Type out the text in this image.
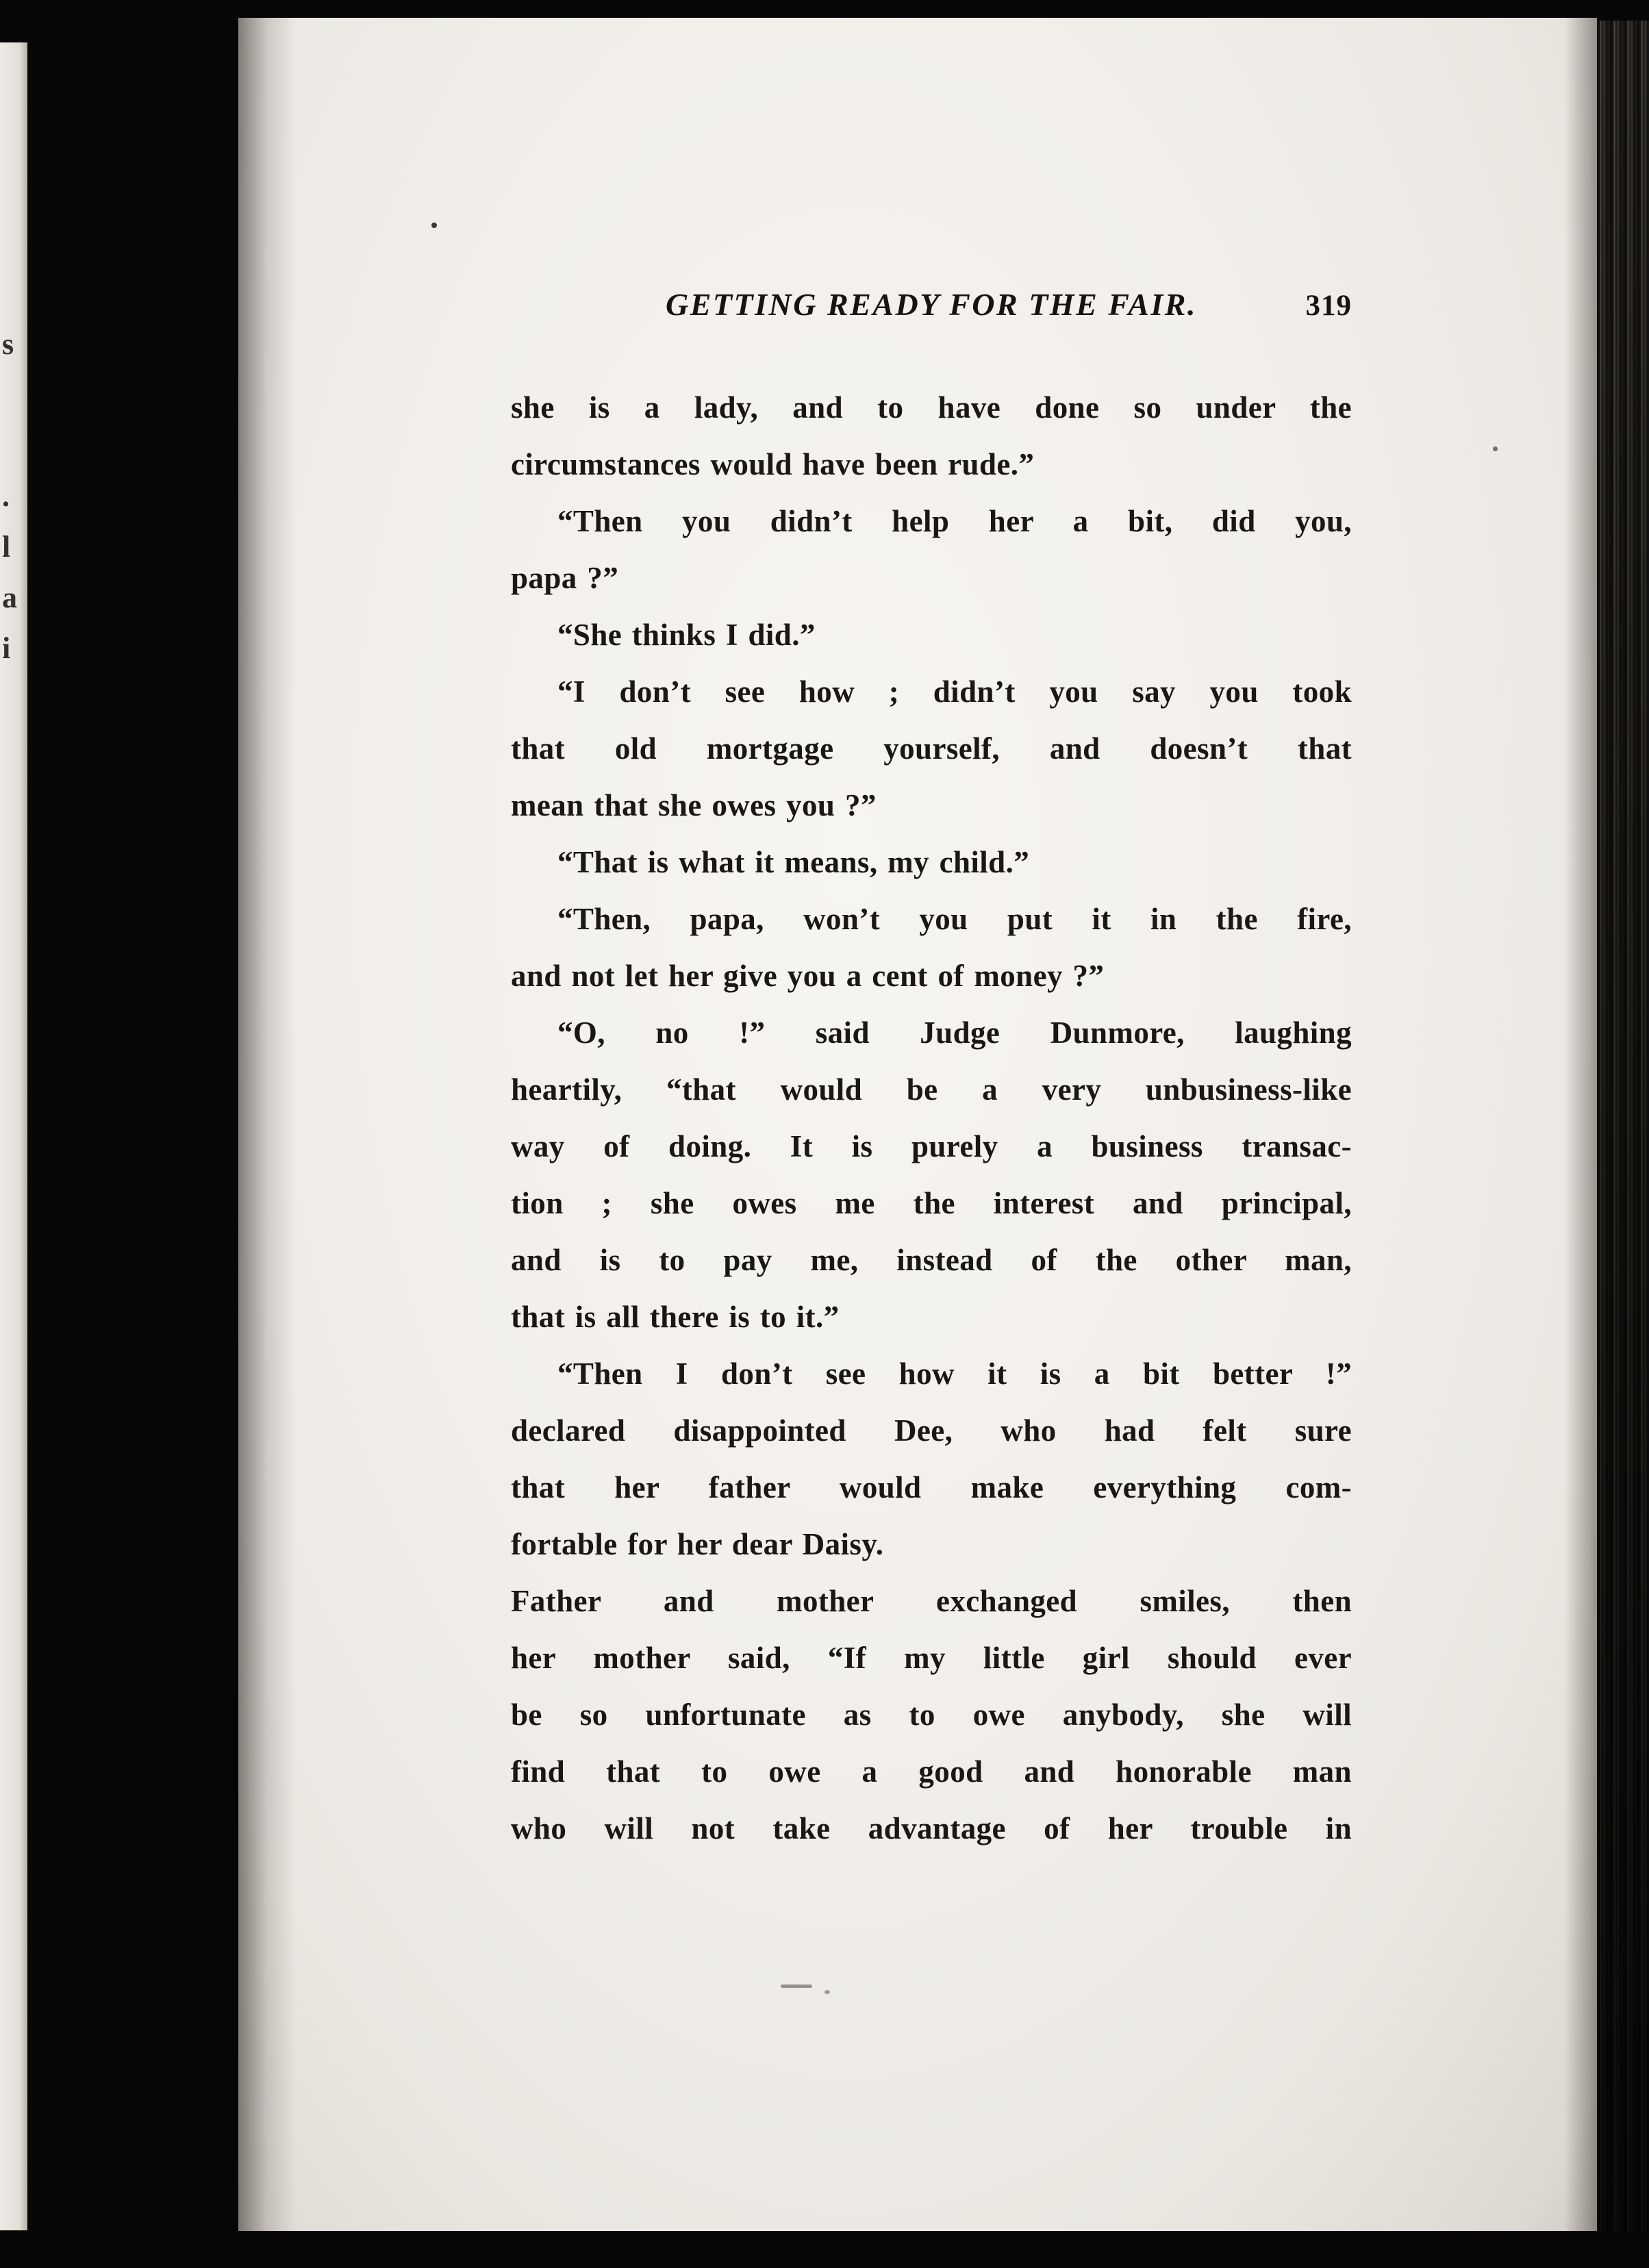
s
.
l
a
i
GETTING READY FOR THE FAIR.	319
she is a lady, and to have done so under the
circumstances would have been rude.”
“Then you didn’t help her a bit, did you,
papa ?”
“She thinks I did.”
“I don’t see how ; didn’t you say you took
that old mortgage yourself, and doesn’t that
mean that she owes you ?”
“That is what it means, my child.”
“Then, papa, won’t you put it in the fire,
and not let her give you a cent of money ?”
“O, no !” said Judge Dunmore, laughing
heartily, “that would be a very unbusiness-like
way of doing. It is purely a business transac-
tion ; she owes me the interest and principal,
and is to pay me, instead of the other man,
that is all there is to it.”
“Then I don’t see how it is a bit better !”
declared disappointed Dee, who had felt sure
that her father would make everything com-
fortable for her dear Daisy.
Father and mother exchanged smiles, then
her mother said, “If my little girl should ever
be so unfortunate as to owe anybody, she will
find that to owe a good and honorable man
who will not take advantage of her trouble in
